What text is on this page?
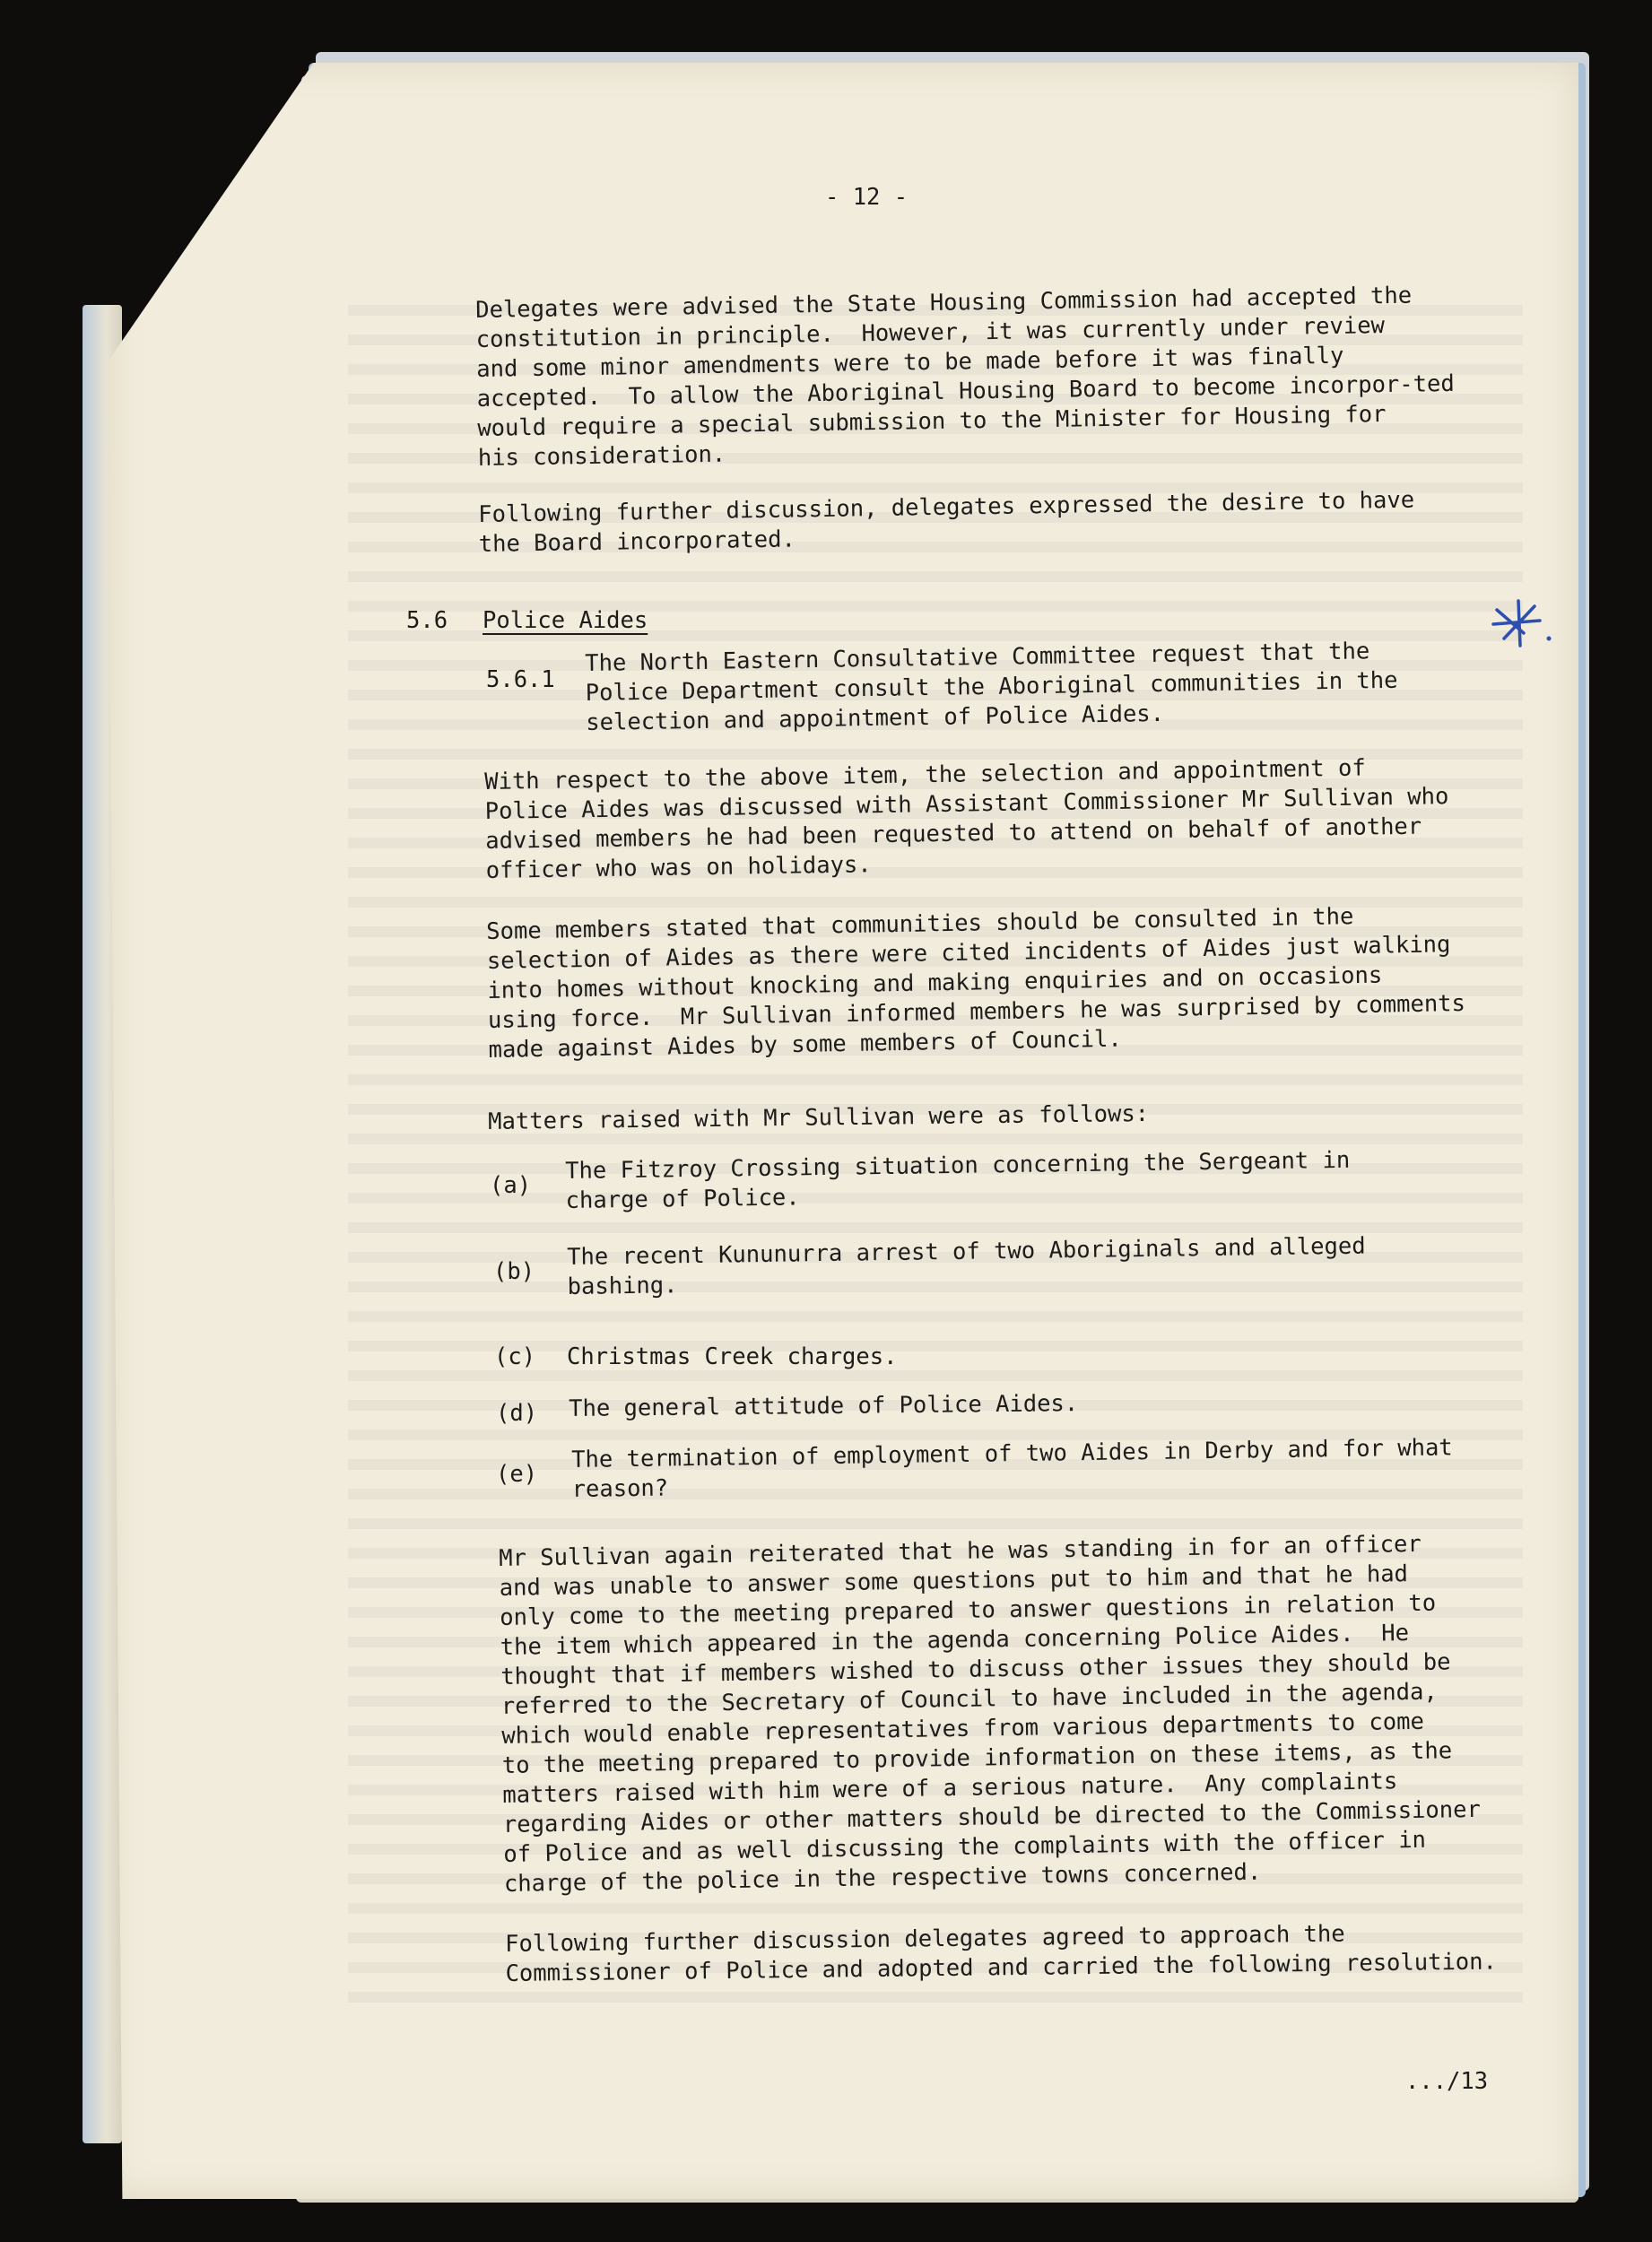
- 12 -
Delegates were advised the State Housing Commission had accepted the
constitution in principle.  However, it was currently under review
and some minor amendments were to be made before it was finally
accepted.  To allow the Aboriginal Housing Board to become incorpor-ted
would require a special submission to the Minister for Housing for
his consideration.
Following further discussion, delegates expressed the desire to have
the Board incorporated.
5.6 Police Aides
5.6.1
The North Eastern Consultative Committee request that the
Police Department consult the Aboriginal communities in the
selection and appointment of Police Aides.
With respect to the above item, the selection and appointment of
Police Aides was discussed with Assistant Commissioner Mr Sullivan who
advised members he had been requested to attend on behalf of another
officer who was on holidays.
Some members stated that communities should be consulted in the
selection of Aides as there were cited incidents of Aides just walking
into homes without knocking and making enquiries and on occasions
using force.  Mr Sullivan informed members he was surprised by comments
made against Aides by some members of Council.
Matters raised with Mr Sullivan were as follows:
(a)
The Fitzroy Crossing situation concerning the Sergeant in
charge of Police.
(b)
The recent Kununurra arrest of two Aboriginals and alleged
bashing.
(c) Christmas Creek charges.
(d) The general attitude of Police Aides.
(e)
The termination of employment of two Aides in Derby and for what
reason?
Mr Sullivan again reiterated that he was standing in for an officer
and was unable to answer some questions put to him and that he had
only come to the meeting prepared to answer questions in relation to
the item which appeared in the agenda concerning Police Aides.  He
thought that if members wished to discuss other issues they should be
referred to the Secretary of Council to have included in the agenda,
which would enable representatives from various departments to come
to the meeting prepared to provide information on these items, as the
matters raised with him were of a serious nature.  Any complaints
regarding Aides or other matters should be directed to the Commissioner
of Police and as well discussing the complaints with the officer in
charge of the police in the respective towns concerned.
Following further discussion delegates agreed to approach the
Commissioner of Police and adopted and carried the following resolution.
.../13
